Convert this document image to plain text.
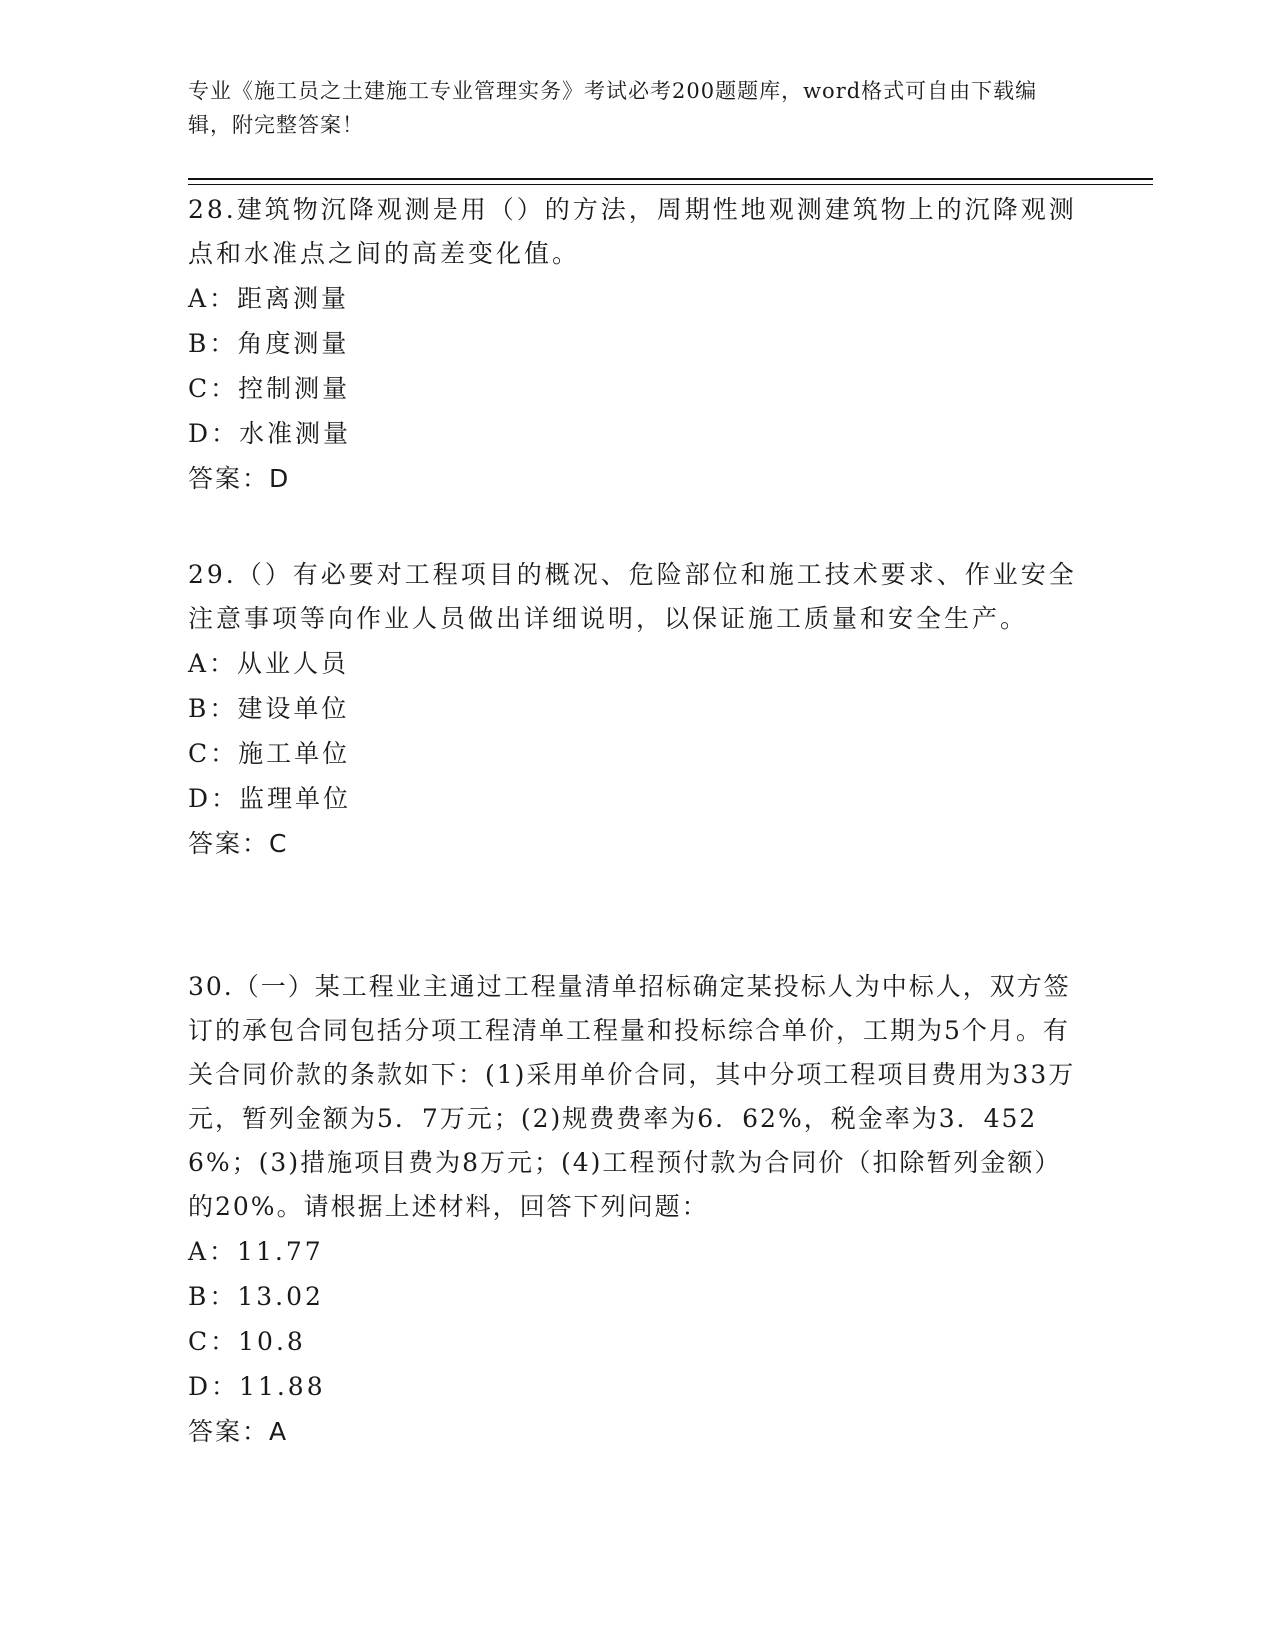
专业《施工员之土建施工专业管理实务》考试必考200题题库，word格式可自由下载编辑，附完整答案！

28.建筑物沉降观测是用（）的方法，周期性地观测建筑物上的沉降观测点和水准点之间的高差变化值。

A：距离测量
B：角度测量
C：控制测量
D：水准测量
答案：D

29.（）有必要对工程项目的概况、危险部位和施工技术要求、作业安全注意事项等向作业人员做出详细说明，以保证施工质量和安全生产。

A：从业人员
B：建设单位
C：施工单位
D：监理单位
答案：C

30.（一）某工程业主通过工程量清单招标确定某投标人为中标人，双方签订的承包合同包括分项工程清单工程量和投标综合单价，工期为5个月。有关合同价款的条款如下：(1)采用单价合同，其中分项工程项目费用为33万元，暂列金额为5．7万元；(2)规费费率为6．62%，税金率为3．4526%；(3)措施项目费为8万元；(4)工程预付款为合同价（扣除暂列金额）的20%。请根据上述材料，回答下列问题：

A：11.77
B：13.02
C：10.8
D：11.88
答案：A
